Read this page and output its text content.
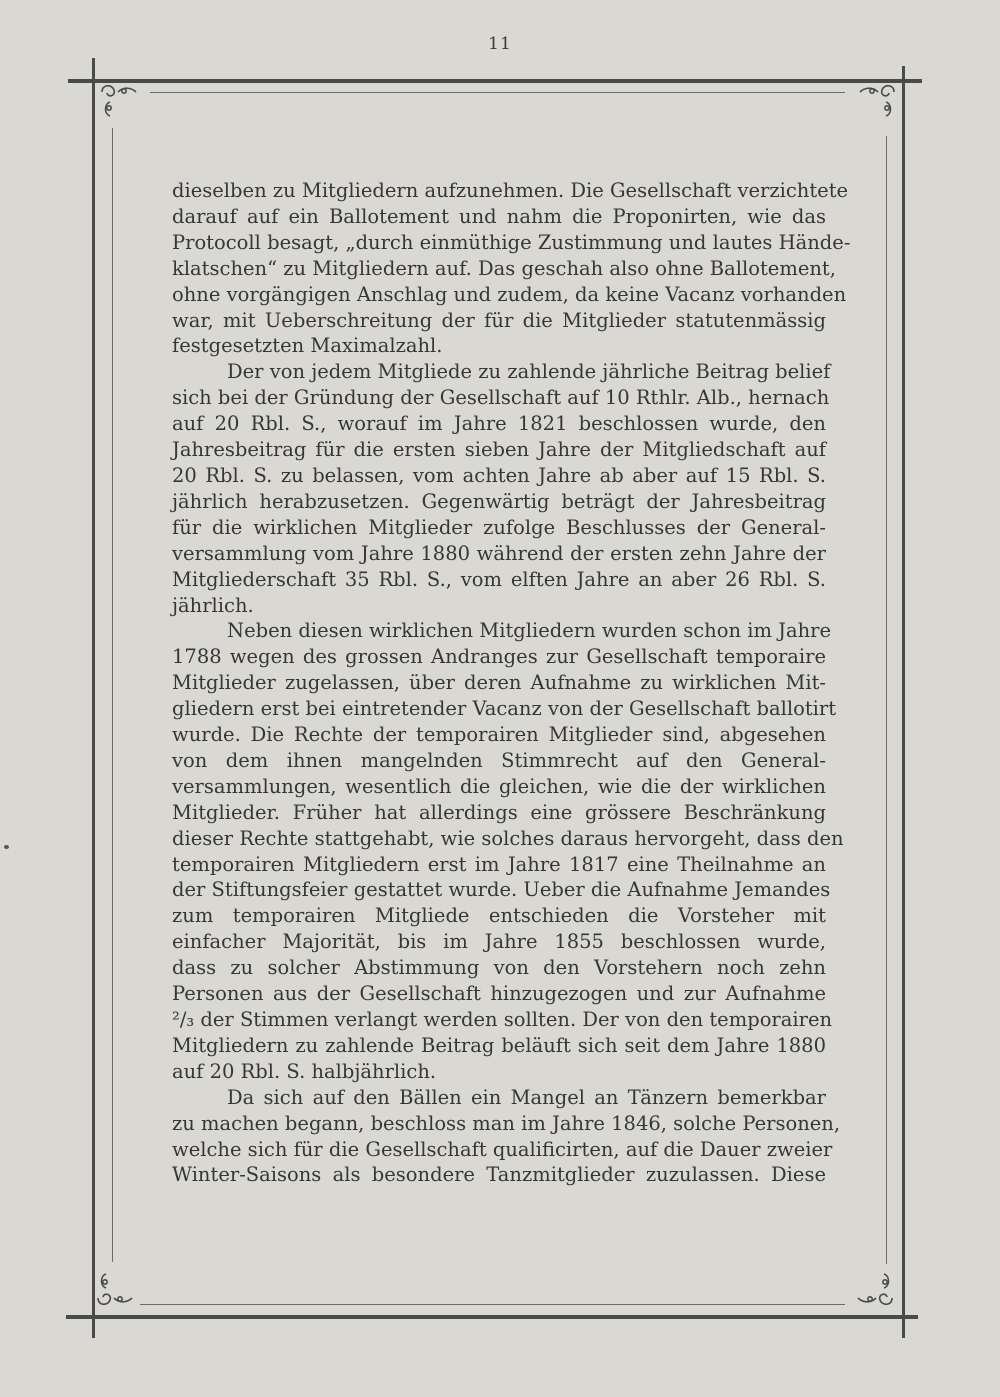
11
dieselben zu Mitgliedern aufzunehmen. Die Gesellschaft verzichtete
darauf auf ein Ballotement und nahm die Proponirten, wie das
Protocoll besagt, „durch einmüthige Zustimmung und lautes Hände-
klatschen“ zu Mitgliedern auf. Das geschah also ohne Ballotement,
ohne vorgängigen Anschlag und zudem, da keine Vacanz vorhanden
war, mit Ueberschreitung der für die Mitglieder statutenmässig
festgesetzten Maximalzahl.
Der von jedem Mitgliede zu zahlende jährliche Beitrag belief
sich bei der Gründung der Gesellschaft auf 10 Rthlr. Alb., hernach
auf 20 Rbl. S., worauf im Jahre 1821 beschlossen wurde, den
Jahresbeitrag für die ersten sieben Jahre der Mitgliedschaft auf
20 Rbl. S. zu belassen, vom achten Jahre ab aber auf 15 Rbl. S.
jährlich herabzusetzen. Gegenwärtig beträgt der Jahresbeitrag
für die wirklichen Mitglieder zufolge Beschlusses der General-
versammlung vom Jahre 1880 während der ersten zehn Jahre der
Mitgliederschaft 35 Rbl. S., vom elften Jahre an aber 26 Rbl. S.
jährlich.
Neben diesen wirklichen Mitgliedern wurden schon im Jahre
1788 wegen des grossen Andranges zur Gesellschaft temporaire
Mitglieder zugelassen, über deren Aufnahme zu wirklichen Mit-
gliedern erst bei eintretender Vacanz von der Gesellschaft ballotirt
wurde. Die Rechte der temporairen Mitglieder sind, abgesehen
von dem ihnen mangelnden Stimmrecht auf den General-
versammlungen, wesentlich die gleichen, wie die der wirklichen
Mitglieder. Früher hat allerdings eine grössere Beschränkung
dieser Rechte stattgehabt, wie solches daraus hervorgeht, dass den
temporairen Mitgliedern erst im Jahre 1817 eine Theilnahme an
der Stiftungsfeier gestattet wurde. Ueber die Aufnahme Jemandes
zum temporairen Mitgliede entschieden die Vorsteher mit
einfacher Majorität, bis im Jahre 1855 beschlossen wurde,
dass zu solcher Abstimmung von den Vorstehern noch zehn
Personen aus der Gesellschaft hinzugezogen und zur Aufnahme
²/₃ der Stimmen verlangt werden sollten. Der von den temporairen
Mitgliedern zu zahlende Beitrag beläuft sich seit dem Jahre 1880
auf 20 Rbl. S. halbjährlich.
Da sich auf den Bällen ein Mangel an Tänzern bemerkbar
zu machen begann, beschloss man im Jahre 1846, solche Personen,
welche sich für die Gesellschaft qualificirten, auf die Dauer zweier
Winter-Saisons als besondere Tanzmitglieder zuzulassen. Diese
